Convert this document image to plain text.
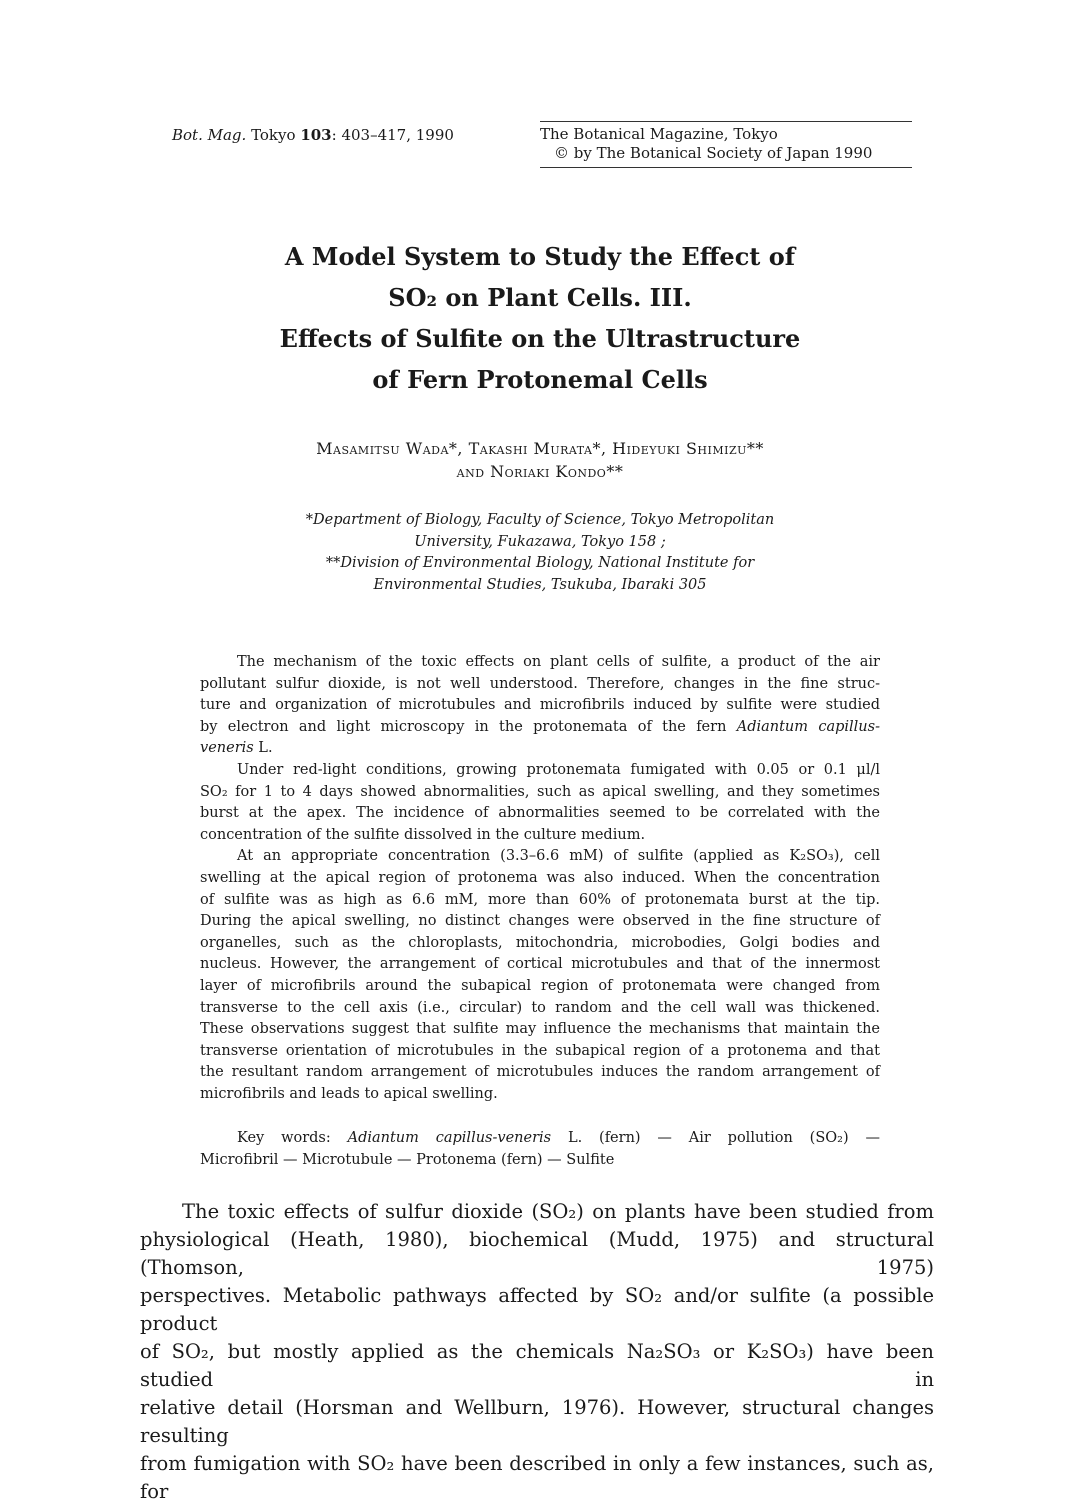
Bot. Mag. Tokyo 103: 403–417, 1990	The Botanical Magazine, Tokyo
© by The Botanical Society of Japan 1990
A Model System to Study the Effect of
SO₂ on Plant Cells. III.
Effects of Sulfite on the Ultrastructure
of Fern Protonemal Cells
Masamitsu Wada*, Takashi Murata*, Hideyuki Shimizu**
and Noriaki Kondo**
*Department of Biology, Faculty of Science, Tokyo Metropolitan
University, Fukazawa, Tokyo 158 ;
**Division of Environmental Biology, National Institute for
Environmental Studies, Tsukuba, Ibaraki 305
The mechanism of the toxic effects on plant cells of sulfite, a product of the air
pollutant sulfur dioxide, is not well understood. Therefore, changes in the fine struc-
ture and organization of microtubules and microfibrils induced by sulfite were studied
by electron and light microscopy in the protonemata of the fern Adiantum capillus-
veneris L.
Under red-light conditions, growing protonemata fumigated with 0.05 or 0.1 μl/l
SO₂ for 1 to 4 days showed abnormalities, such as apical swelling, and they sometimes
burst at the apex. The incidence of abnormalities seemed to be correlated with the
concentration of the sulfite dissolved in the culture medium.
At an appropriate concentration (3.3–6.6 mM) of sulfite (applied as K₂SO₃), cell
swelling at the apical region of protonema was also induced. When the concentration
of sulfite was as high as 6.6 mM, more than 60% of protonemata burst at the tip.
During the apical swelling, no distinct changes were observed in the fine structure of
organelles, such as the chloroplasts, mitochondria, microbodies, Golgi bodies and
nucleus. However, the arrangement of cortical microtubules and that of the innermost
layer of microfibrils around the subapical region of protonemata were changed from
transverse to the cell axis (i.e., circular) to random and the cell wall was thickened.
These observations suggest that sulfite may influence the mechanisms that maintain the
transverse orientation of microtubules in the subapical region of a protonema and that
the resultant random arrangement of microtubules induces the random arrangement of
microfibrils and leads to apical swelling.
Key words: Adiantum capillus-veneris L. (fern) — Air pollution (SO₂) —
Microfibril — Microtubule — Protonema (fern) — Sulfite
The toxic effects of sulfur dioxide (SO₂) on plants have been studied from
physiological (Heath, 1980), biochemical (Mudd, 1975) and structural (Thomson, 1975)
perspectives. Metabolic pathways affected by SO₂ and/or sulfite (a possible product
of SO₂, but mostly applied as the chemicals Na₂SO₃ or K₂SO₃) have been studied in
relative detail (Horsman and Wellburn, 1976). However, structural changes resulting
from fumigation with SO₂ have been described in only a few instances, such as, for
